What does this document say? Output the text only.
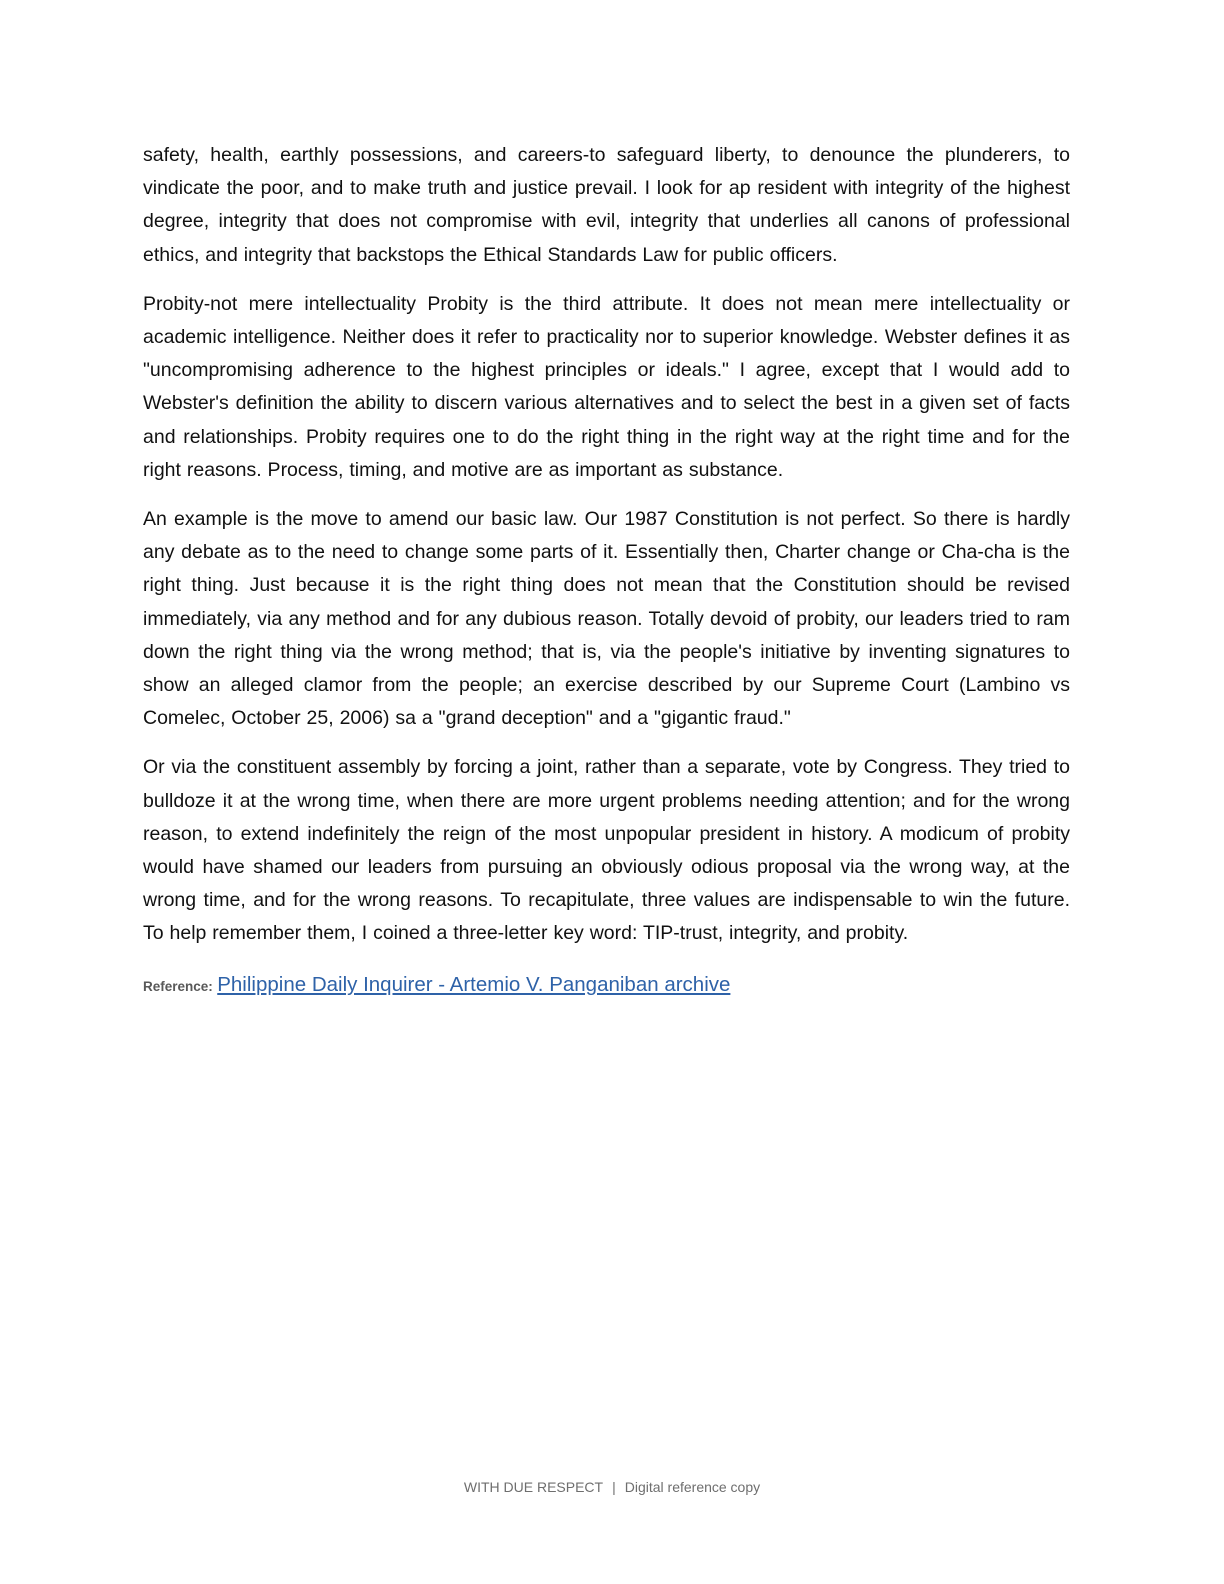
safety, health, earthly possessions, and careers-to safeguard liberty, to denounce the plunderers, to vindicate the poor, and to make truth and justice prevail. I look for ap resident with integrity of the highest degree, integrity that does not compromise with evil, integrity that underlies all canons of professional ethics, and integrity that backstops the Ethical Standards Law for public officers.

Probity-not mere intellectuality Probity is the third attribute. It does not mean mere intellectuality or academic intelligence. Neither does it refer to practicality nor to superior knowledge. Webster defines it as "uncompromising adherence to the highest principles or ideals." I agree, except that I would add to Webster's definition the ability to discern various alternatives and to select the best in a given set of facts and relationships. Probity requires one to do the right thing in the right way at the right time and for the right reasons. Process, timing, and motive are as important as substance.

An example is the move to amend our basic law. Our 1987 Constitution is not perfect. So there is hardly any debate as to the need to change some parts of it. Essentially then, Charter change or Cha-cha is the right thing. Just because it is the right thing does not mean that the Constitution should be revised immediately, via any method and for any dubious reason. Totally devoid of probity, our leaders tried to ram down the right thing via the wrong method; that is, via the people's initiative by inventing signatures to show an alleged clamor from the people; an exercise described by our Supreme Court (Lambino vs Comelec, October 25, 2006) sa a "grand deception" and a "gigantic fraud."

Or via the constituent assembly by forcing a joint, rather than a separate, vote by Congress. They tried to bulldoze it at the wrong time, when there are more urgent problems needing attention; and for the wrong reason, to extend indefinitely the reign of the most unpopular president in history. A modicum of probity would have shamed our leaders from pursuing an obviously odious proposal via the wrong way, at the wrong time, and for the wrong reasons. To recapitulate, three values are indispensable to win the future. To help remember them, I coined a three-letter key word: TIP-trust, integrity, and probity.

Reference: Philippine Daily Inquirer - Artemio V. Panganiban archive
WITH DUE RESPECT | Digital reference copy
